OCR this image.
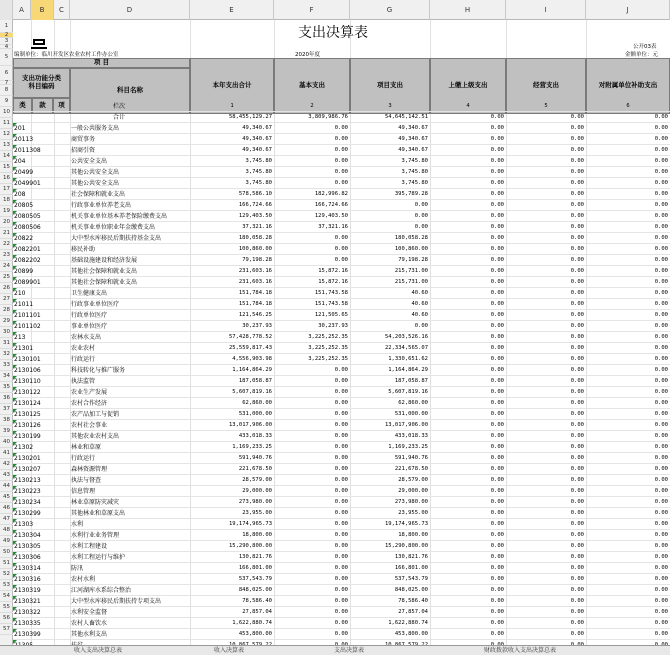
A	B	C	D	E	F	G	H	I	J
1
2
3
4
5
6
7
8
9
10
11
12
13
14
15
16
17
18
19
20
21
22
23
24
25
26
27
28
29
30
31
32
33
34
35
36
37
38
39
40
41
42
43
44
45
46
47
48
49
50
51
52
53
54
55
56
57
支出决算表
公开03表
编制单位：临川开发区农业农村工作办公室	2020年度	金额单位：元
项 目
支出功能分类
科目编码
科目名称
类	款	项
本年支出合计	基本支出	项目支出	上缴上级支出	经营支出	对附属单位补助支出
栏次	1	2	3	4	5	6
合计	58,455,129.27	3,809,986.76	54,645,142.51	0.00	0.00	0.00
201	一般公共服务支出	49,340.67	0.00	49,340.67	0.00	0.00	0.00
20113	商贸事务	49,340.67	0.00	49,340.67	0.00	0.00	0.00
2011308	招商引资	49,340.67	0.00	49,340.67	0.00	0.00	0.00
204	公共安全支出	3,745.80	0.00	3,745.80	0.00	0.00	0.00
20499	其他公共安全支出	3,745.80	0.00	3,745.80	0.00	0.00	0.00
2049901	其他公共安全支出	3,745.80	0.00	3,745.80	0.00	0.00	0.00
208	社会保障和就业支出	578,586.10	182,996.82	395,789.28	0.00	0.00	0.00
20805	行政事业单位养老支出	166,724.66	166,724.66	0.00	0.00	0.00	0.00
2080505	机关事业单位基本养老保险缴费支出	129,403.50	129,403.50	0.00	0.00	0.00	0.00
2080506	机关事业单位职业年金缴费支出	37,321.16	37,321.16	0.00	0.00	0.00	0.00
20822	大中型水库移民后期扶持基金支出	180,058.28	0.00	180,058.28	0.00	0.00	0.00
2082201	移民补助	100,860.00	0.00	100,860.00	0.00	0.00	0.00
2082202	基础设施建设和经济发展	79,198.28	0.00	79,198.28	0.00	0.00	0.00
20899	其他社会保障和就业支出	231,603.16	15,872.16	215,731.00	0.00	0.00	0.00
2089901	其他社会保障和就业支出	231,603.16	15,872.16	215,731.00	0.00	0.00	0.00
210	卫生健康支出	151,784.18	151,743.58	40.60	0.00	0.00	0.00
21011	行政事业单位医疗	151,784.18	151,743.58	40.60	0.00	0.00	0.00
2101101	行政单位医疗	121,546.25	121,505.65	40.60	0.00	0.00	0.00
2101102	事业单位医疗	30,237.93	30,237.93	0.00	0.00	0.00	0.00
213	农林水支出	57,428,778.52	3,225,252.35	54,203,526.16	0.00	0.00	0.00
21301	农业农村	25,559,817.43	3,225,252.35	22,334,565.07	0.00	0.00	0.00
2130101	行政运行	4,556,903.98	3,225,252.35	1,330,651.62	0.00	0.00	0.00
2130106	科技转化与推广服务	1,164,864.29	0.00	1,164,864.29	0.00	0.00	0.00
2130110	执法监管	187,058.87	0.00	187,058.87	0.00	0.00	0.00
2130122	农业生产发展	5,607,819.16	0.00	5,607,819.16	0.00	0.00	0.00
2130124	农村合作经济	62,860.00	0.00	62,860.00	0.00	0.00	0.00
2130125	农产品加工与促销	531,000.00	0.00	531,000.00	0.00	0.00	0.00
2130126	农村社会事业	13,017,906.00	0.00	13,017,906.00	0.00	0.00	0.00
2130199	其他农业农村支出	433,018.33	0.00	433,018.33	0.00	0.00	0.00
21302	林业和草原	1,169,233.25	0.00	1,169,233.25	0.00	0.00	0.00
2130201	行政运行	591,940.76	0.00	591,940.76	0.00	0.00	0.00
2130207	森林资源管理	221,678.50	0.00	221,678.50	0.00	0.00	0.00
2130213	执法与督查	28,579.00	0.00	28,579.00	0.00	0.00	0.00
2130223	信息管理	29,000.00	0.00	29,000.00	0.00	0.00	0.00
2130234	林业草原防灾减灾	273,980.00	0.00	273,980.00	0.00	0.00	0.00
2130299	其他林业和草原支出	23,955.00	0.00	23,955.00	0.00	0.00	0.00
21303	水利	19,174,965.73	0.00	19,174,965.73	0.00	0.00	0.00
2130304	水利行业业务管理	18,800.00	0.00	18,800.00	0.00	0.00	0.00
2130305	水利工程建设	15,290,800.00	0.00	15,290,800.00	0.00	0.00	0.00
2130306	水利工程运行与维护	130,821.76	0.00	130,821.76	0.00	0.00	0.00
2130314	防汛	166,801.00	0.00	166,801.00	0.00	0.00	0.00
2130316	农村水利	537,543.79	0.00	537,543.79	0.00	0.00	0.00
2130319	江河湖库水系综合整治	848,025.00	0.00	848,025.00	0.00	0.00	0.00
2130321	大中型水库移民后期扶持专项支出	78,586.40	0.00	78,586.40	0.00	0.00	0.00
2130322	水利安全监督	27,857.04	0.00	27,857.04	0.00	0.00	0.00
2130335	农村人畜饮水	1,622,880.74	0.00	1,622,880.74	0.00	0.00	0.00
2130399	其他水利支出	453,800.00	0.00	453,800.00	0.00	0.00	0.00
收入支出决算总表	收入决算表	支出决算表	财政拨款收入支出决算总表
